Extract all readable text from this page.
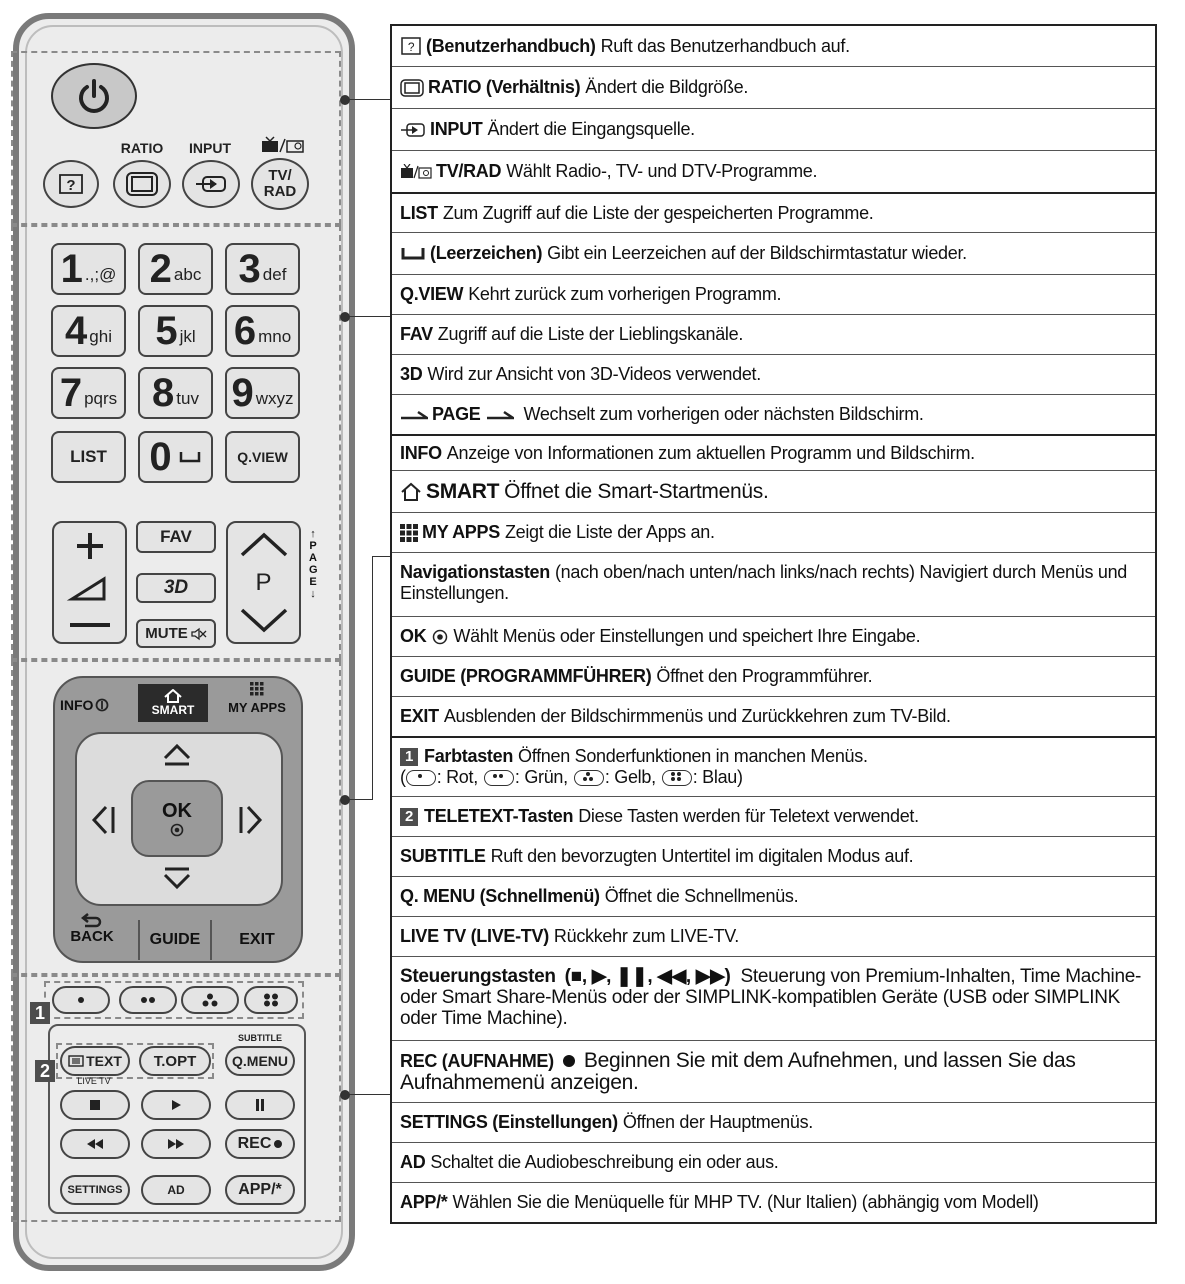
RATIO	INPUT
?
TV/
RAD
1 .,;@ 2 abc 3 def
4 ghi 5 jkl 6 mno
7 pqrs 8 tuv 9 wxyz
LIST 0	Q.VIEW
FAV
3D
MUTE
P
↑
PAGE
↓
INFO	SMART	MY APPS
OK
BACK GUIDE EXIT
1
SUBTITLE
2	TEXT T.OPT	Q.MENU
LIVE TV
REC
SETTINGS	AD	APP/*
? (Benutzerhandbuch) Ruft das Benutzerhandbuch auf.
RATIO (Verhältnis) Ändert die Bildgröße.
INPUT Ändert die Eingangsquelle.
TV/RAD Wählt Radio-, TV- und DTV-Programme.
LIST Zum Zugriff auf die Liste der gespeicherten Programme.
(Leerzeichen) Gibt ein Leerzeichen auf der Bildschirmtastatur wieder.
Q.VIEW Kehrt zurück zum vorherigen Programm.
FAV Zugriff auf die Liste der Lieblingskanäle.
3D Wird zur Ansicht von 3D-Videos verwendet.
PAGE Wechselt zum vorherigen oder nächsten Bildschirm.
INFO Anzeige von Informationen zum aktuellen Programm und Bildschirm.
SMART Öffnet die Smart-Startmenüs.
MY APPS Zeigt die Liste der Apps an.
Navigationstasten (nach oben/nach unten/nach links/nach rechts) Navigiert durch Menüs und Einstellungen.
OK Wählt Menüs oder Einstellungen und speichert Ihre Eingabe.
GUIDE (PROGRAMMFÜHRER) Öffnet den Programmführer.
EXIT Ausblenden der Bildschirmmenüs und Zurückkehren zum TV-Bild.
1 Farbtasten Öffnen Sonderfunktionen in manchen Menüs.
( : Rot, : Grün, : Gelb, : Blau)
2 TELETEXT-Tasten Diese Tasten werden für Teletext verwendet.
SUBTITLE Ruft den bevorzugten Untertitel im digitalen Modus auf.
Q. MENU (Schnellmenü) Öffnet die Schnellmenüs.
LIVE TV (LIVE-TV) Rückkehr zum LIVE-TV.
Steuerungstasten (■, ▶, ❚❚, ◀◀, ▶▶) Steuerung von Premium-Inhalten, Time Machine- oder Smart Share-Menüs oder der SIMPLINK-kompatiblen Geräte (USB oder SIMPLINK oder Time Machine).
REC (AUFNAHME) Beginnen Sie mit dem Aufnehmen, und lassen Sie das Aufnahmemenü anzeigen.
SETTINGS (Einstellungen) Öffnen der Hauptmenüs.
AD Schaltet die Audiobeschreibung ein oder aus.
APP/* Wählen Sie die Menüquelle für MHP TV. (Nur Italien) (abhängig vom Modell)
